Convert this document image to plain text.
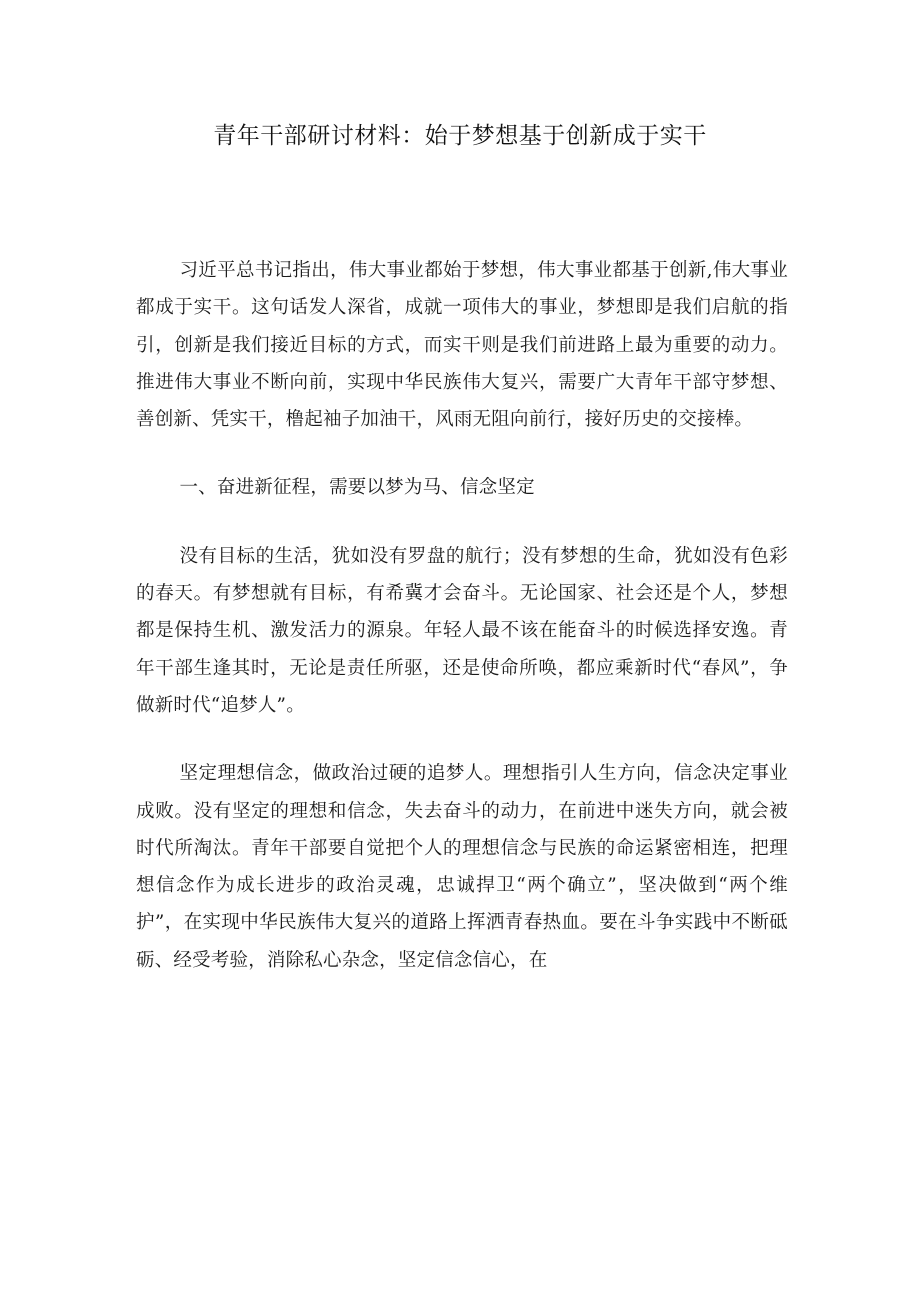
青年干部研讨材料：始于梦想基于创新成于实干

习近平总书记指出，伟大事业都始于梦想，伟大事业都基于创新,伟大事业都成于实干。这句话发人深省，成就一项伟大的事业，梦想即是我们启航的指引，创新是我们接近目标的方式，而实干则是我们前进路上最为重要的动力。推进伟大事业不断向前，实现中华民族伟大复兴，需要广大青年干部守梦想、善创新、凭实干，橹起袖子加油干，风雨无阻向前行，接好历史的交接棒。

一、奋进新征程，需要以梦为马、信念坚定

没有目标的生活，犹如没有罗盘的航行；没有梦想的生命，犹如没有色彩的春天。有梦想就有目标，有希冀才会奋斗。无论国家、社会还是个人，梦想都是保持生机、激发活力的源泉。年轻人最不该在能奋斗的时候选择安逸。青年干部生逢其时，无论是责任所驱，还是使命所唤，都应乘新时代“春风”，争做新时代“追梦人”。

坚定理想信念，做政治过硬的追梦人。理想指引人生方向，信念决定事业成败。没有坚定的理想和信念，失去奋斗的动力，在前进中迷失方向，就会被时代所淘汰。青年干部要自觉把个人的理想信念与民族的命运紧密相连，把理想信念作为成长进步的政治灵魂，忠诚捍卫“两个确立”，坚决做到“两个维护”，在实现中华民族伟大复兴的道路上挥洒青春热血。要在斗争实践中不断砥砺、经受考验，消除私心杂念，坚定信念信心，在
